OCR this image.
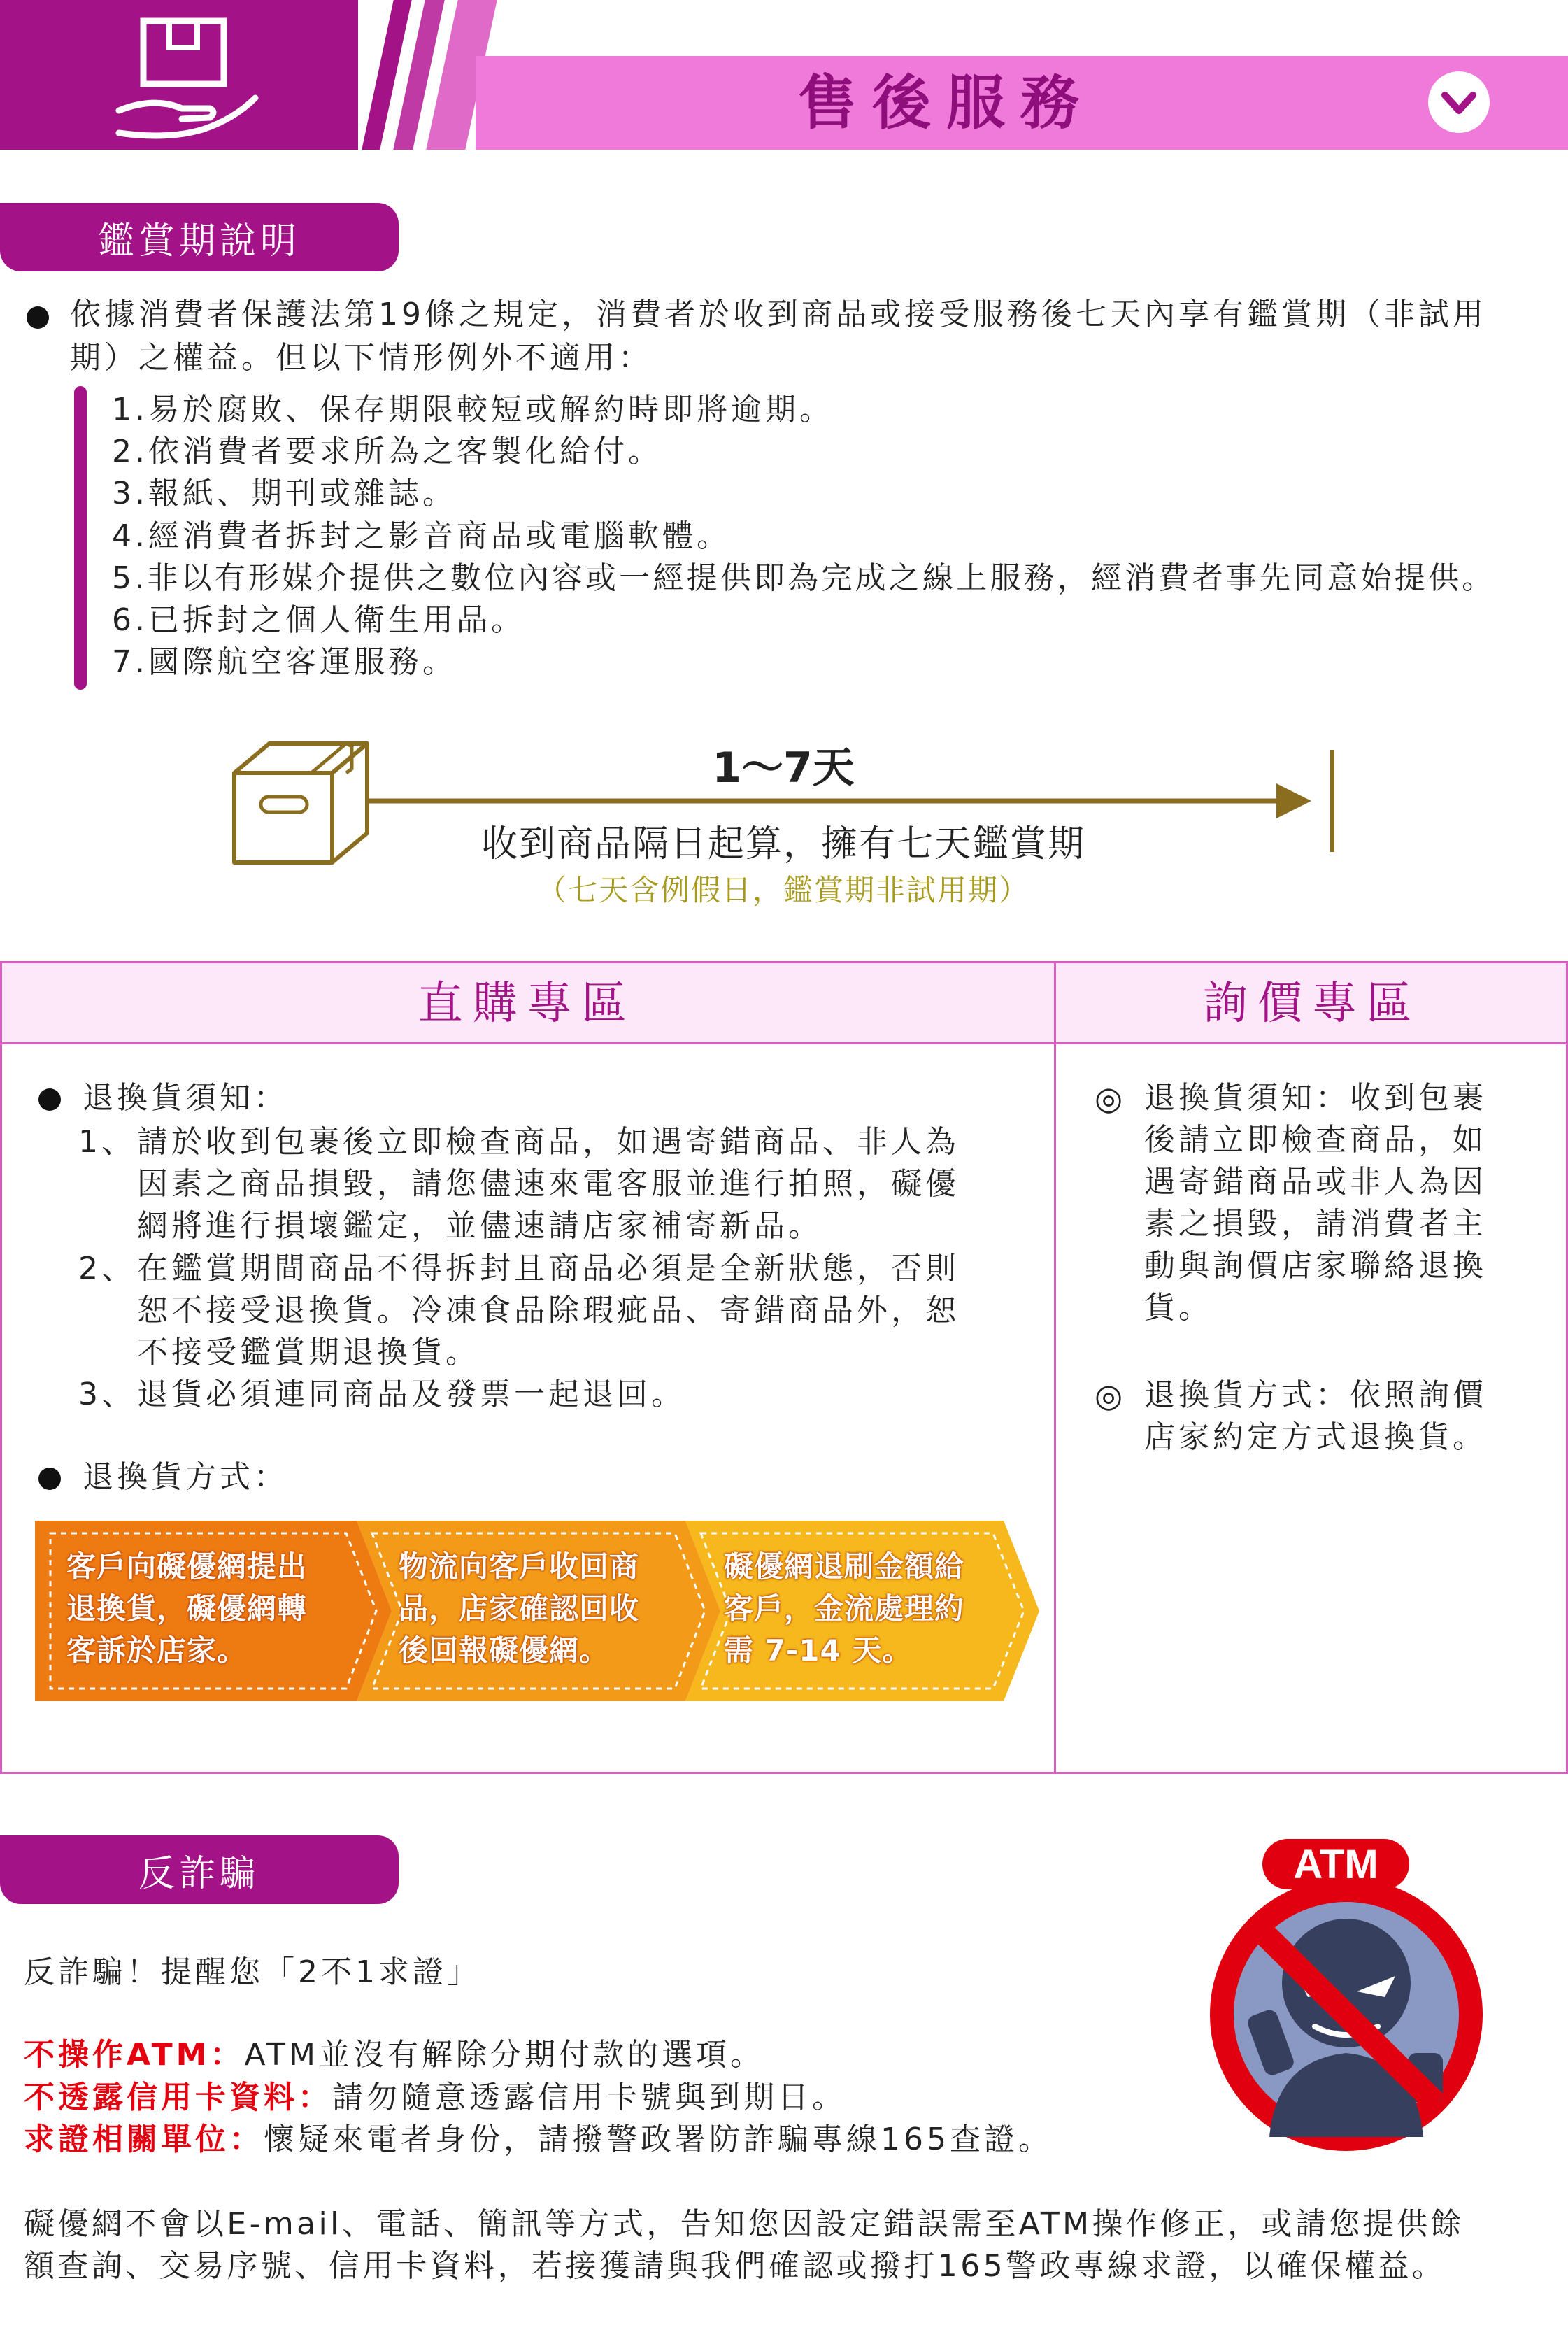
售後服務
鑑賞期說明
依據消費者保護法第19條之規定，消費者於收到商品或接受服務後七天內享有鑑賞期（非試用
期）之權益。但以下情形例外不適用：
1.易於腐敗、保存期限較短或解約時即將逾期。
2.依消費者要求所為之客製化給付。
3.報紙、期刊或雜誌。
4.經消費者拆封之影音商品或電腦軟體。
5.非以有形媒介提供之數位內容或一經提供即為完成之線上服務，經消費者事先同意始提供。
6.已拆封之個人衛生用品。
7.國際航空客運服務。
1～7天
收到商品隔日起算，擁有七天鑑賞期
（七天含例假日，鑑賞期非試用期）
直購專區	詢價專區
退換貨須知：
1、 請於收到包裹後立即檢查商品，如遇寄錯商品、非人為
因素之商品損毀，請您儘速來電客服並進行拍照，礙優
網將進行損壞鑑定，並儘速請店家補寄新品。
2、 在鑑賞期間商品不得拆封且商品必須是全新狀態，否則
恕不接受退換貨。冷凍食品除瑕疵品、寄錯商品外，恕
不接受鑑賞期退換貨。
3、 退貨必須連同商品及發票一起退回。
退換貨方式：
客戶向礙優網提出
退換貨，礙優網轉
客訴於店家。
物流向客戶收回商
品，店家確認回收
後回報礙優網。
礙優網退刷金額給
客戶，金流處理約
需 7-14 天。
◎ 退換貨須知：收到包裹
後請立即檢查商品，如
遇寄錯商品或非人為因
素之損毀，請消費者主
動與詢價店家聯絡退換
貨。
◎ 退換貨方式：依照詢價
店家約定方式退換貨。
反詐騙
反詐騙！提醒您「2不1求證」
不操作ATM：ATM並沒有解除分期付款的選項。
不透露信用卡資料：請勿隨意透露信用卡號與到期日。
求證相關單位：懷疑來電者身份，請撥警政署防詐騙專線165查證。
礙優網不會以E-mail、電話、簡訊等方式，告知您因設定錯誤需至ATM操作修正，或請您提供餘
額查詢、交易序號、信用卡資料，若接獲請與我們確認或撥打165警政專線求證，以確保權益。
ATM
